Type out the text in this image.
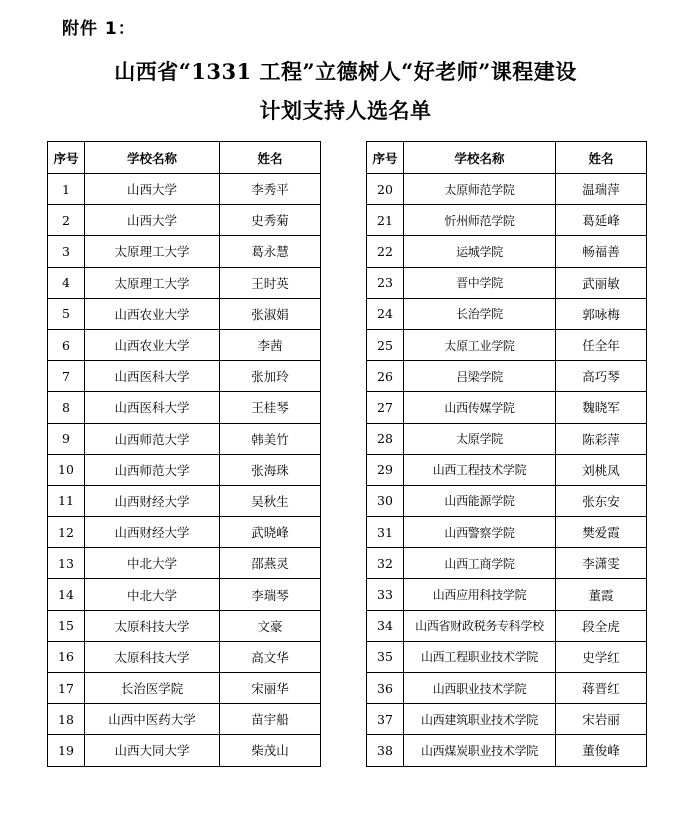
附件 1：
山西省“1331 工程”立德树人“好老师”课程建设
计划支持人选名单
序号	学校名称	姓名
1	山西大学	李秀平
2	山西大学	史秀菊
3	太原理工大学	葛永慧
4	太原理工大学	王时英
5	山西农业大学	张淑娟
6	山西农业大学	李茜
7	山西医科大学	张加玲
8	山西医科大学	王桂琴
9	山西师范大学	韩美竹
10	山西师范大学	张海珠
11	山西财经大学	吴秋生
12	山西财经大学	武晓峰
13	中北大学	邵燕灵
14	中北大学	李瑞琴
15	太原科技大学	文豪
16	太原科技大学	高文华
17	长治医学院	宋丽华
18	山西中医药大学	苗宇船
19	山西大同大学	柴茂山
序号	学校名称	姓名
20	太原师范学院	温瑞萍
21	忻州师范学院	葛延峰
22	运城学院	畅福善
23	晋中学院	武丽敏
24	长治学院	郭咏梅
25	太原工业学院	任全年
26	吕梁学院	高巧琴
27	山西传媒学院	魏晓军
28	太原学院	陈彩萍
29	山西工程技术学院	刘桃凤
30	山西能源学院	张东安
31	山西警察学院	樊爱霞
32	山西工商学院	李潇雯
33	山西应用科技学院	董霞
34	山西省财政税务专科学校	段全虎
35	山西工程职业技术学院	史学红
36	山西职业技术学院	蒋晋红
37	山西建筑职业技术学院	宋岩丽
38	山西煤炭职业技术学院	董俊峰
